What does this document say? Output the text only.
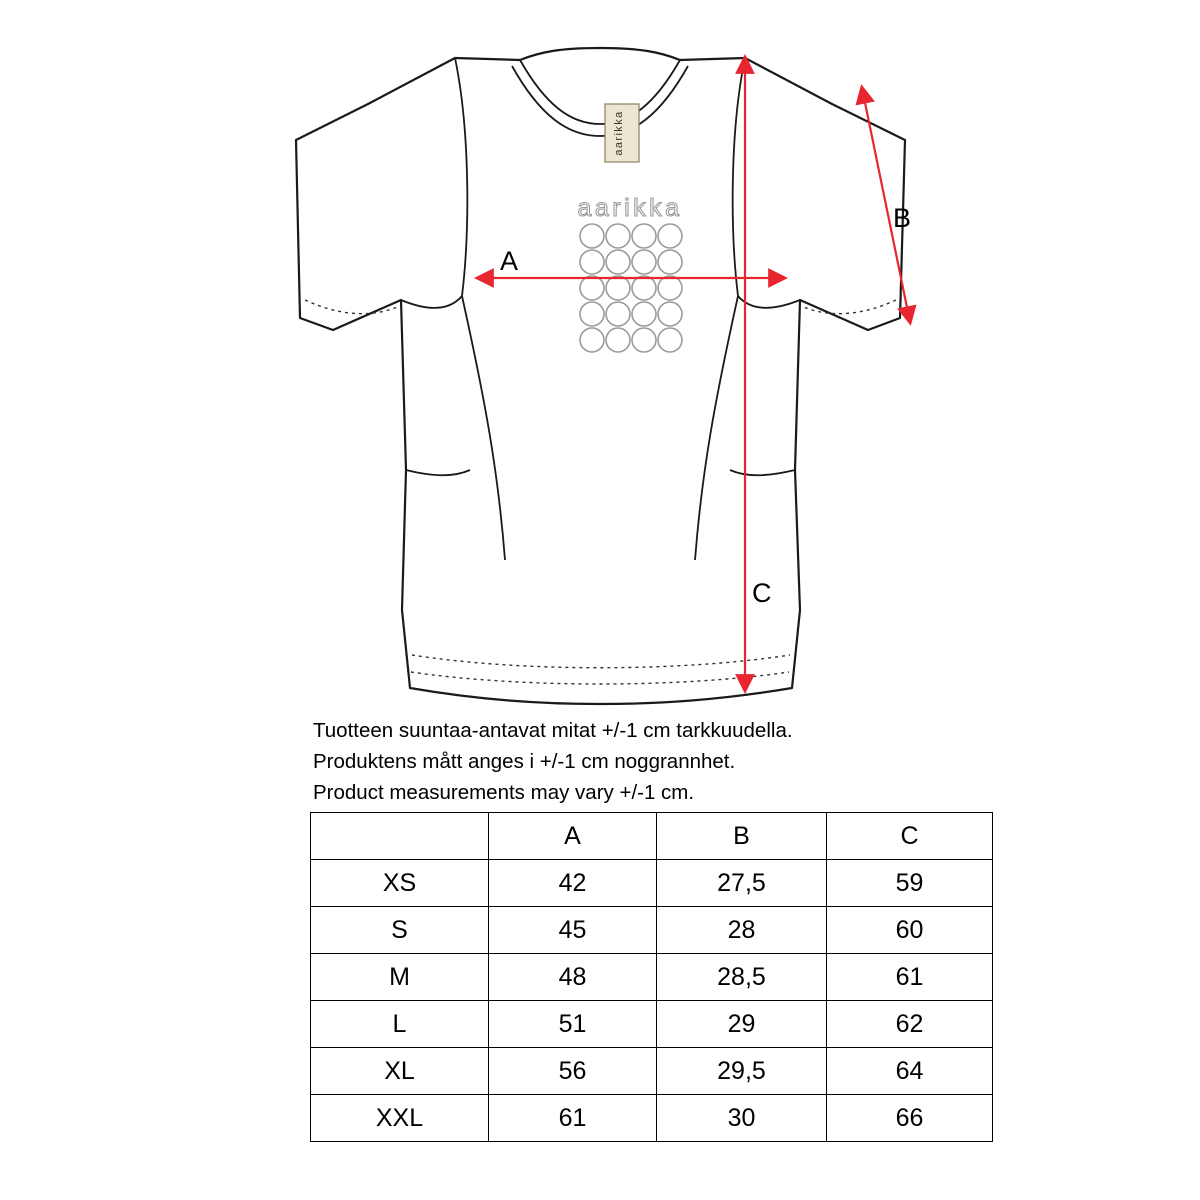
aarikka
aarikka
A
B
C

Tuotteen suuntaa-antavat mitat +/-1 cm tarkkuudella.

Produktens mått anges i +/-1 cm noggrannhet.

Product measurements may vary +/-1 cm.

	A	B	C
XS	42	27,5	59
S	45	28	60
M	48	28,5	61
L	51	29	62
XL	56	29,5	64
XXL	61	30	66
